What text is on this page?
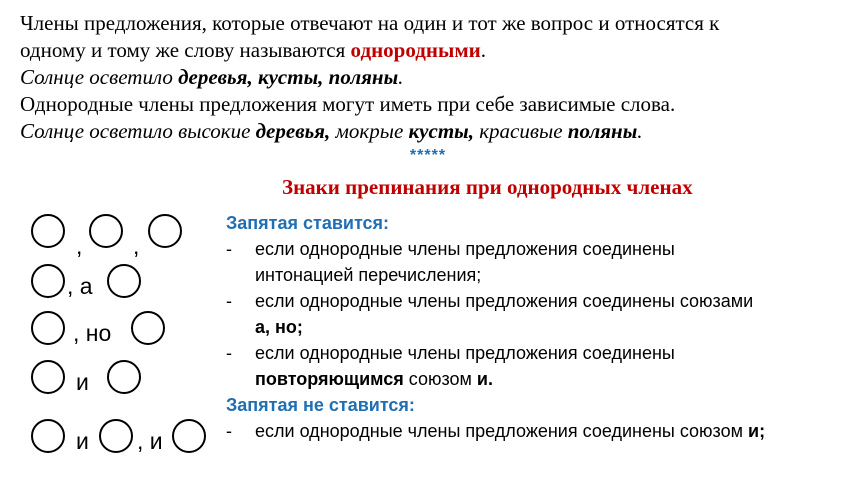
Члены предложения, которые отвечают на один и тот же вопрос и относятся к
одному и тому же слову называются однородными.
Солнце осветило деревья, кусты, поляны.
Однородные члены предложения могут иметь при себе зависимые слова.
Солнце осветило высокие деревья, мокрые кусты, красивые поляны.
*****
Знаки препинания при однородных членах
, ,
, а
, но
и
и , и
Запятая ставится:
- если однородные члены предложения соединены
интонацией перечисления;
- если однородные члены предложения соединены союзами
а, но;
- если однородные члены предложения соединены
повторяющимся союзом и.
Запятая не ставится:
- если однородные члены предложения соединены союзом и;
